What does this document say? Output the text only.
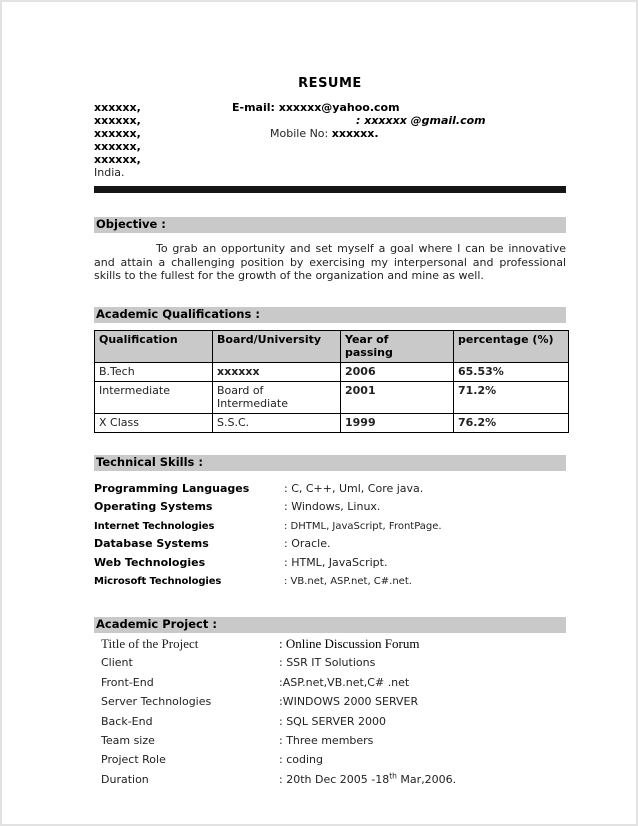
RESUME
xxxxxx,
xxxxxx,
xxxxxx,
xxxxxx,
xxxxxx,
India.
E-mail: xxxxxx@yahoo.com
: xxxxxx @gmail.com
Mobile No: xxxxxx.
Objective :

To grab an opportunity and set myself a goal where I can be innovative and attain a challenging position by exercising my interpersonal and professional skills to the fullest for the growth of the organization and mine as well.

Academic Qualifications :
Qualification	Board/University	Year of passing	percentage (%)
B.Tech	xxxxxx	2006	65.53%
Intermediate	Board of Intermediate	2001	71.2%
X Class	S.S.C.	1999	76.2%
Technical Skills :
Programming Languages	: C, C++, Uml, Core java.
Operating Systems	: Windows, Linux.
Internet Technologies	: DHTML, JavaScript, FrontPage.
Database Systems	: Oracle.
Web Technologies	: HTML, JavaScript.
Microsoft Technologies	: VB.net, ASP.net, C#.net.
Academic Project :
Title of the Project	: Online Discussion Forum
Client	: SSR IT Solutions
Front-End	:ASP.net,VB.net,C# .net
Server Technologies	:WINDOWS 2000 SERVER
Back-End	: SQL SERVER 2000
Team size	: Three members
Project Role	: coding
Duration	: 20th Dec 2005 -18th Mar,2006.
